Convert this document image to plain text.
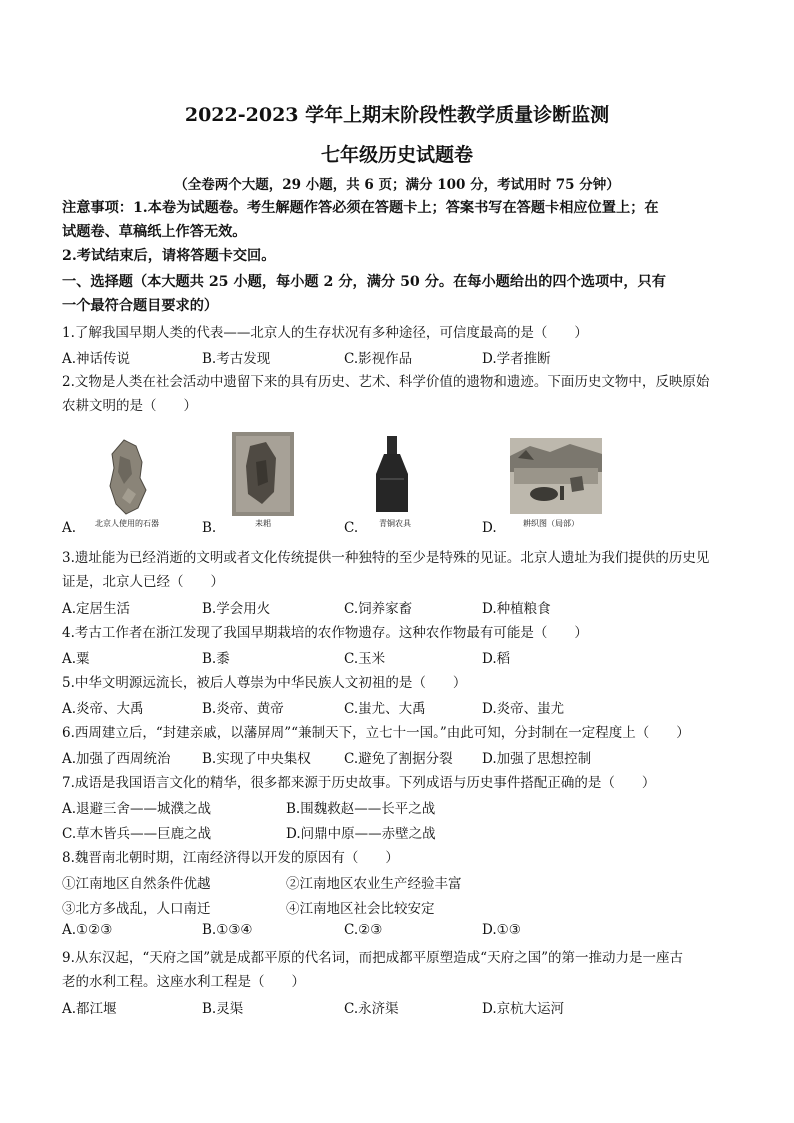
2022-2023 学年上期末阶段性教学质量诊断监测
七年级历史试题卷
（全卷两个大题，29 小题，共 6 页；满分 100 分，考试用时 75 分钟）
注意事项：1.本卷为试题卷。考生解题作答必须在答题卡上；答案书写在答题卡相应位置上；在
试题卷、草稿纸上作答无效。
2.考试结束后，请将答题卡交回。
一、选择题（本大题共 25 小题，每小题 2 分，满分 50 分。在每小题给出的四个选项中，只有
一个最符合题目要求的）
1.了解我国早期人类的代表——北京人的生存状况有多种途径，可信度最高的是（　　）
A.神话传说	B.考古发现	C.影视作品	D.学者推断
2.文物是人类在社会活动中遗留下来的具有历史、艺术、科学价值的遗物和遗迹。下面历史文物中，反映原始
农耕文明的是（　　）
A.	B.	C.	D.
北京人使用的石器	耒耜	青铜农具	耕织图（局部）
3.遗址能为已经消逝的文明或者文化传统提供一种独特的至少是特殊的见证。北京人遗址为我们提供的历史见
证是，北京人已经（　　）
A.定居生活	B.学会用火	C.饲养家畜	D.种植粮食
4.考古工作者在浙江发现了我国早期栽培的农作物遗存。这种农作物最有可能是（　　）
A.粟	B.黍	C.玉米	D.稻
5.中华文明源远流长，被后人尊崇为中华民族人文初祖的是（　　）
A.炎帝、大禹	B.炎帝、黄帝	C.蚩尤、大禹	D.炎帝、蚩尤
6.西周建立后，“封建亲戚，以藩屏周”“兼制天下，立七十一国。”由此可知，分封制在一定程度上（　　）
A.加强了西周统治 B.实现了中央集权 C.避免了割据分裂 D.加强了思想控制
7.成语是我国语言文化的精华，很多都来源于历史故事。下列成语与历史事件搭配正确的是（　　）
A.退避三舍——城濮之战	B.围魏救赵——长平之战
C.草木皆兵——巨鹿之战	D.问鼎中原——赤壁之战
8.魏晋南北朝时期，江南经济得以开发的原因有（　　）
①江南地区自然条件优越	②江南地区农业生产经验丰富
③北方多战乱，人口南迁	④江南地区社会比较安定
A.①②③	B.①③④	C.②③	D.①③
9.从东汉起，“天府之国”就是成都平原的代名词，而把成都平原塑造成“天府之国”的第一推动力是一座古
老的水利工程。这座水利工程是（　　）
A.都江堰	B.灵渠	C.永济渠	D.京杭大运河
